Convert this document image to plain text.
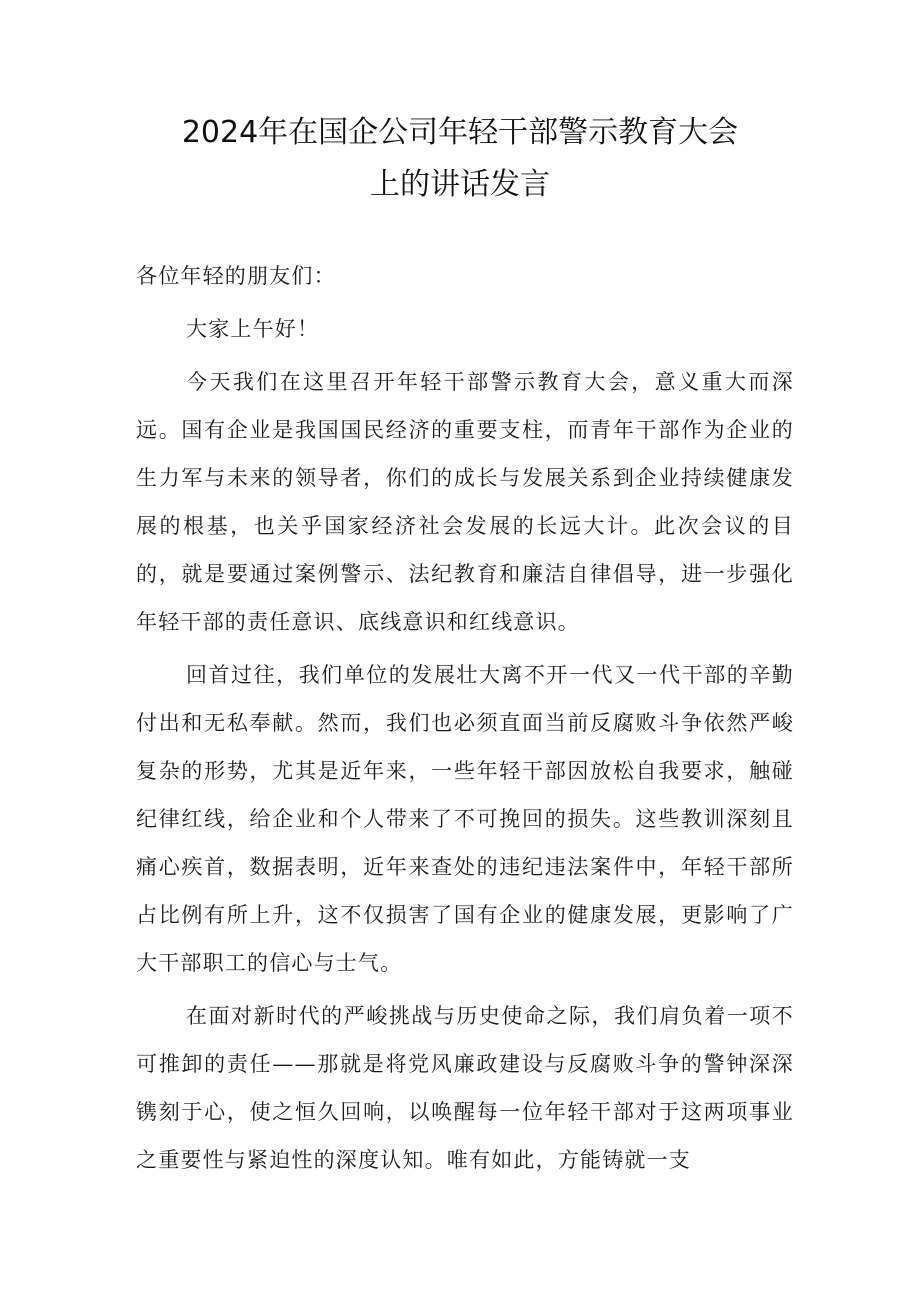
2024年在国企公司年轻干部警示教育大会
上的讲话发言

各位年轻的朋友们：

大家上午好！

今天我们在这里召开年轻干部警示教育大会，意义重大而深远。国有企业是我国国民经济的重要支柱，而青年干部作为企业的生力军与未来的领导者，你们的成长与发展关系到企业持续健康发展的根基，也关乎国家经济社会发展的长远大计。此次会议的目的，就是要通过案例警示、法纪教育和廉洁自律倡导，进一步强化年轻干部的责任意识、底线意识和红线意识。

回首过往，我们单位的发展壮大离不开一代又一代干部的辛勤付出和无私奉献。然而，我们也必须直面当前反腐败斗争依然严峻复杂的形势，尤其是近年来，一些年轻干部因放松自我要求，触碰纪律红线，给企业和个人带来了不可挽回的损失。这些教训深刻且痛心疾首，数据表明，近年来查处的违纪违法案件中，年轻干部所占比例有所上升，这不仅损害了国有企业的健康发展，更影响了广大干部职工的信心与士气。

在面对新时代的严峻挑战与历史使命之际，我们肩负着一项不可推卸的责任——那就是将党风廉政建设与反腐败斗争的警钟深深镌刻于心，使之恒久回响，以唤醒每一位年轻干部对于这两项事业之重要性与紧迫性的深度认知。唯有如此，方能铸就一支
